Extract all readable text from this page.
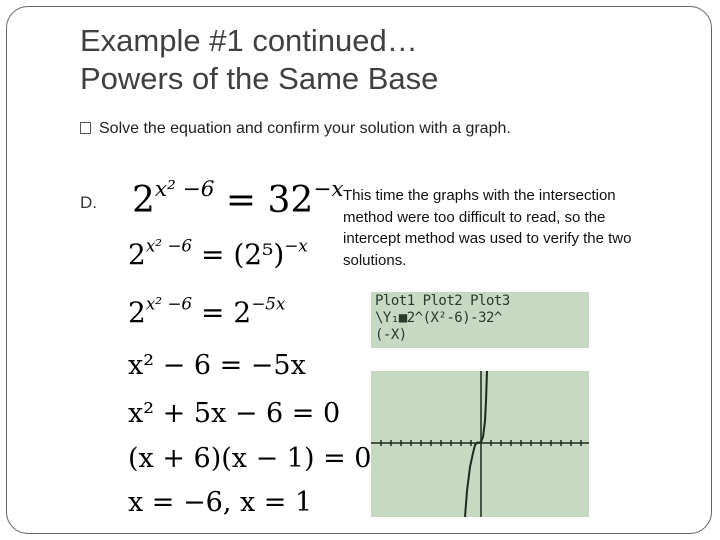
Example #1 continued…
Powers of the Same Base
Solve the equation and confirm your solution with a graph.
D.	This time the graphs with the intersection method were too difficult to read, so the intercept method was used to verify the two solutions.
$2^{x^2 -6} = 32^{-x}$
$2^{x^2 -6} = (2^5)^{-x}$
$2^{x^2 -6} = 2^{-5x}$
x² − 6 = −5x
x² + 5x − 6 = 0
(x + 6)(x − 1) = 0
x = −6, x = 1
Plot1 Plot2 Plot3
\Y₁■2^(X²-6)-32^
(-X)
